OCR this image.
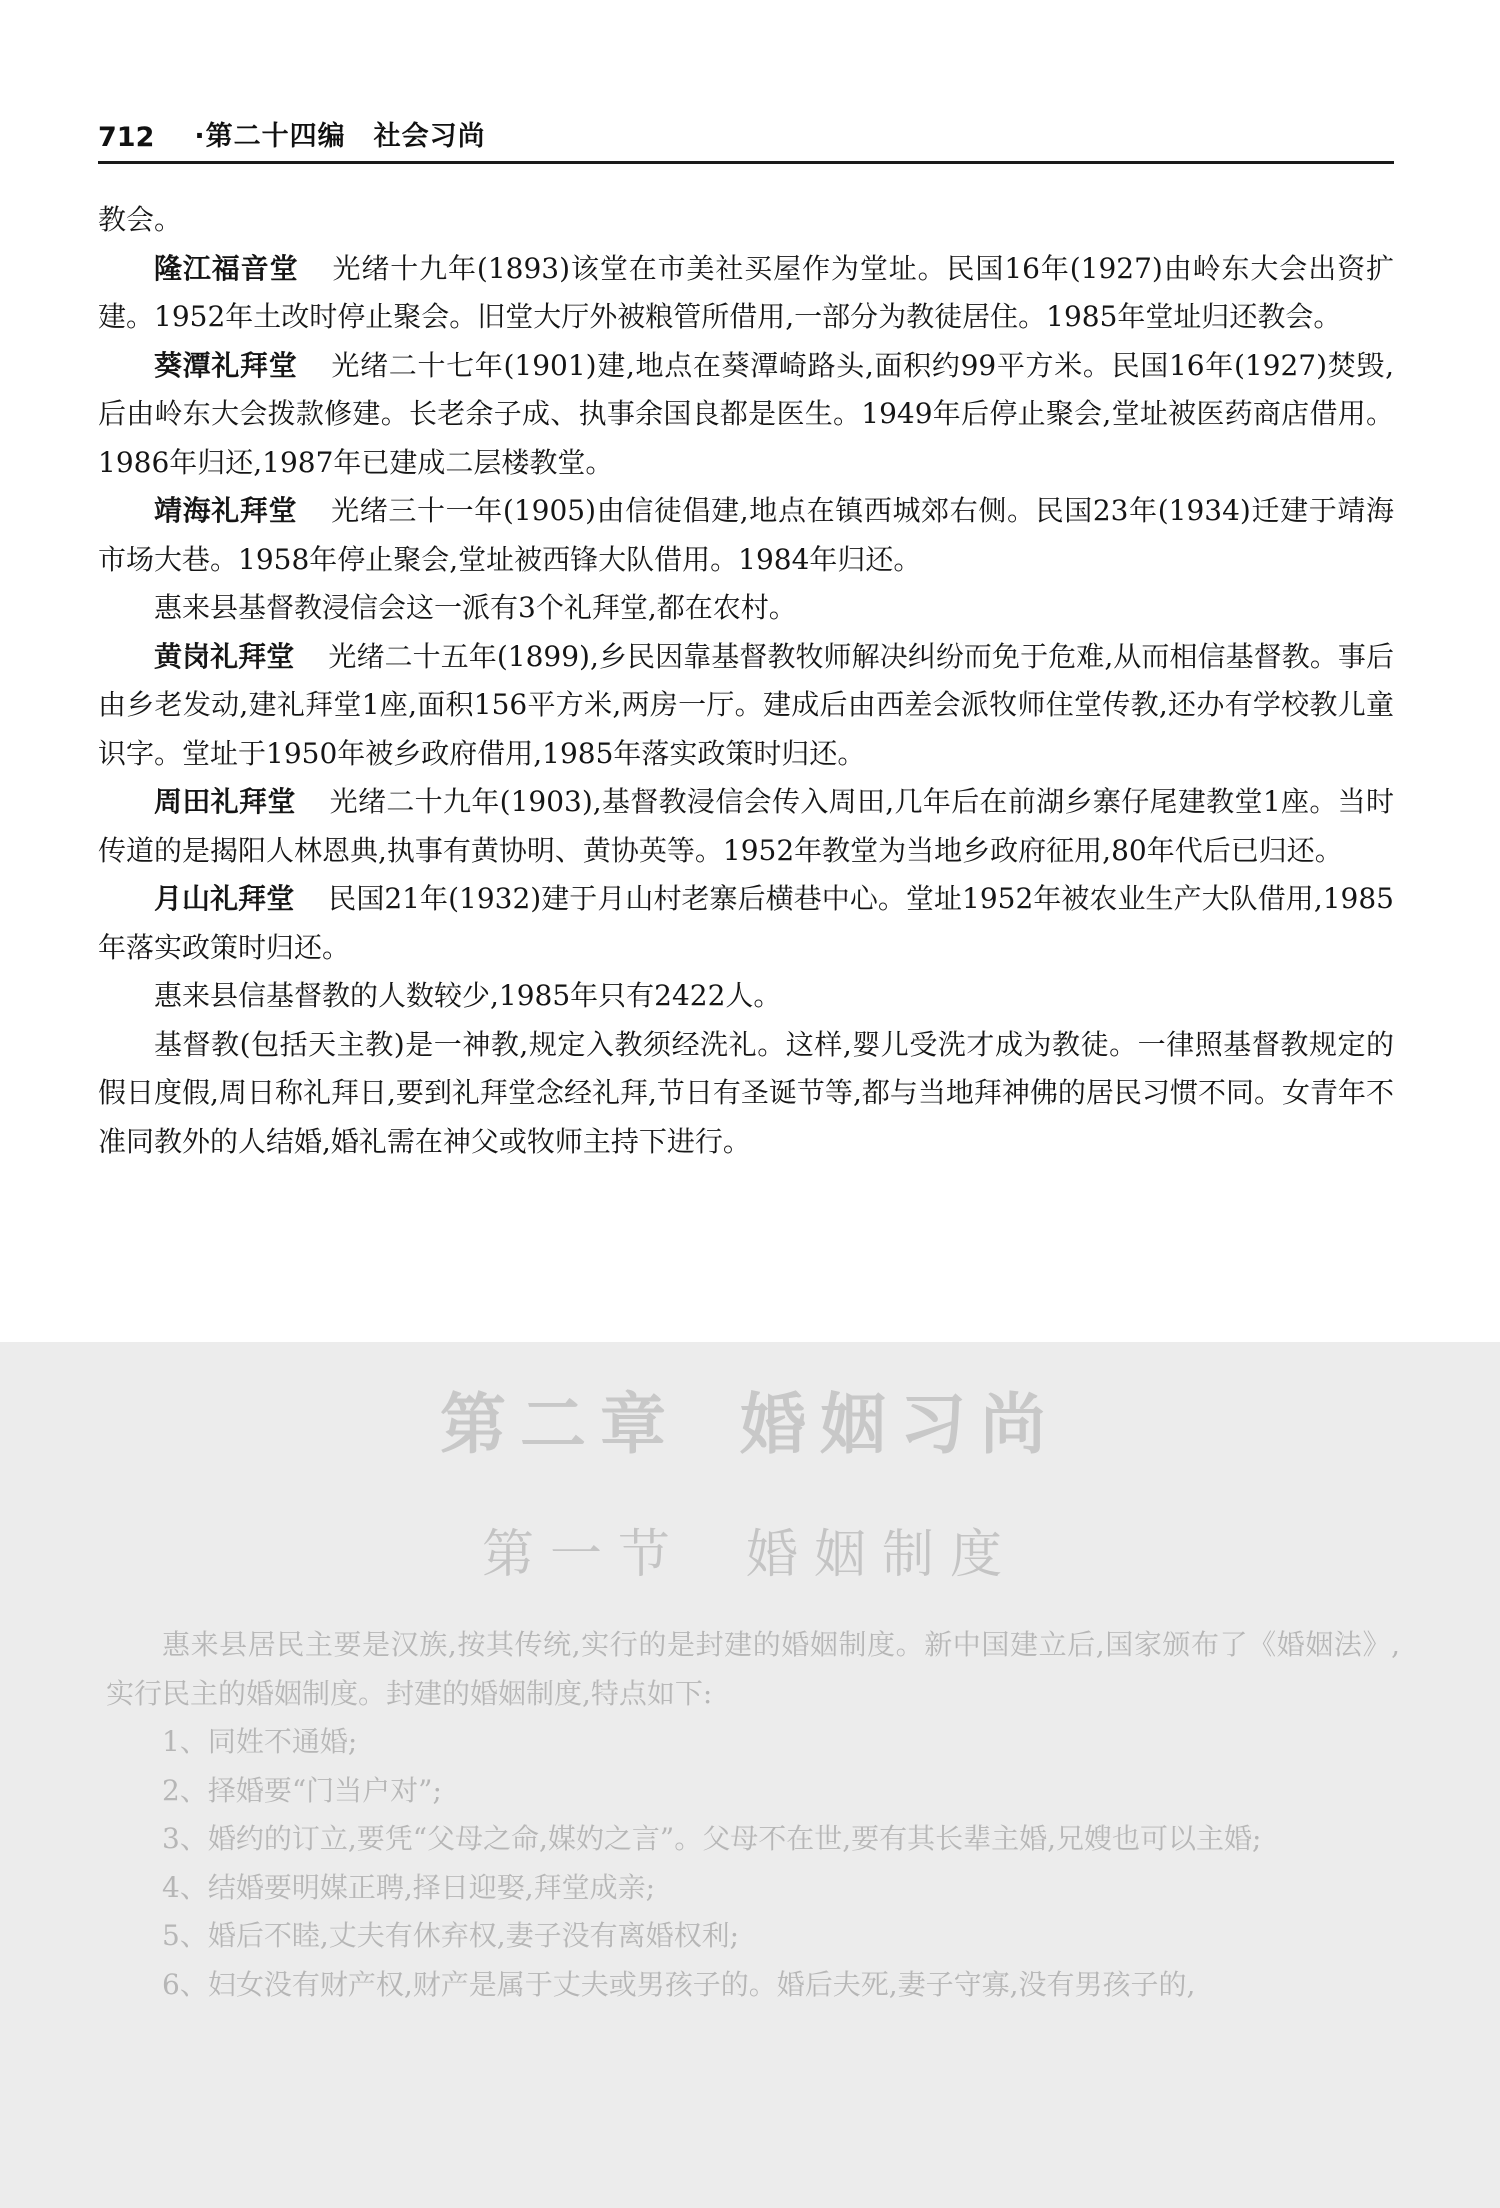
712 ·第二十四编　社会习尚

教会。

隆江福音堂 光绪十九年(1893)该堂在市美社买屋作为堂址。民国16年(1927)由岭东大会出资扩建。1952年土改时停止聚会。旧堂大厅外被粮管所借用,一部分为教徒居住。1985年堂址归还教会。

葵潭礼拜堂 光绪二十七年(1901)建,地点在葵潭崎路头,面积约99平方米。民国16年(1927)焚毁,后由岭东大会拨款修建。长老余子成、执事余国良都是医生。1949年后停止聚会,堂址被医药商店借用。1986年归还,1987年已建成二层楼教堂。

靖海礼拜堂 光绪三十一年(1905)由信徒倡建,地点在镇西城郊右侧。民国23年(1934)迁建于靖海市场大巷。1958年停止聚会,堂址被西锋大队借用。1984年归还。

惠来县基督教浸信会这一派有3个礼拜堂,都在农村。

黄岗礼拜堂 光绪二十五年(1899),乡民因靠基督教牧师解决纠纷而免于危难,从而相信基督教。事后由乡老发动,建礼拜堂1座,面积156平方米,两房一厅。建成后由西差会派牧师住堂传教,还办有学校教儿童识字。堂址于1950年被乡政府借用,1985年落实政策时归还。

周田礼拜堂 光绪二十九年(1903),基督教浸信会传入周田,几年后在前湖乡寨仔尾建教堂1座。当时传道的是揭阳人林恩典,执事有黄协明、黄协英等。1952年教堂为当地乡政府征用,80年代后已归还。

月山礼拜堂 民国21年(1932)建于月山村老寨后横巷中心。堂址1952年被农业生产大队借用,1985年落实政策时归还。

惠来县信基督教的人数较少,1985年只有2422人。

基督教(包括天主教)是一神教,规定入教须经洗礼。这样,婴儿受洗才成为教徒。一律照基督教规定的假日度假,周日称礼拜日,要到礼拜堂念经礼拜,节日有圣诞节等,都与当地拜神佛的居民习惯不同。女青年不准同教外的人结婚,婚礼需在神父或牧师主持下进行。

第二章 婚姻习尚
第一节 婚姻制度

惠来县居民主要是汉族,按其传统,实行的是封建的婚姻制度。新中国建立后,国家颁布了《婚姻法》,实行民主的婚姻制度。封建的婚姻制度,特点如下:

1、同姓不通婚;

2、择婚要“门当户对”;

3、婚约的订立,要凭“父母之命,媒妁之言”。父母不在世,要有其长辈主婚,兄嫂也可以主婚;

4、结婚要明媒正聘,择日迎娶,拜堂成亲;

5、婚后不睦,丈夫有休弃权,妻子没有离婚权利;

6、妇女没有财产权,财产是属于丈夫或男孩子的。婚后夫死,妻子守寡,没有男孩子的,
